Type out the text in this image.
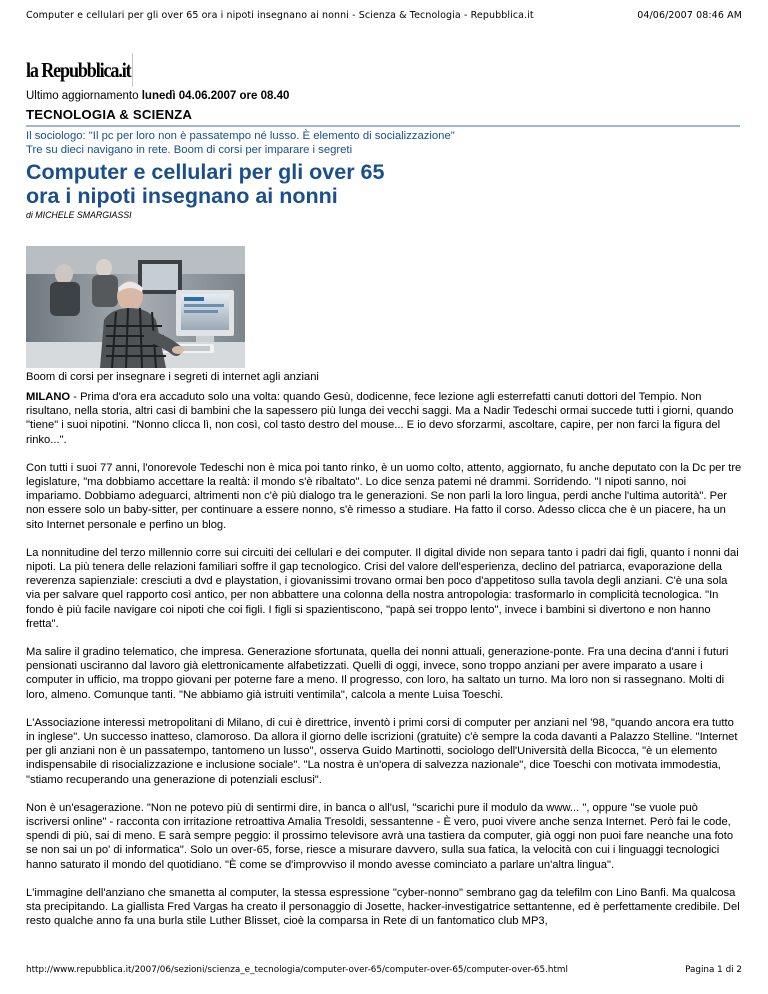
Computer e cellulari per gli over 65 ora i nipoti insegnano ai nonni - Scienza & Tecnologia - Repubblica.it	04/06/2007 08:46 AM
la Repubblica.it
Ultimo aggiornamento lunedì 04.06.2007 ore 08.40
TECNOLOGIA & SCIENZA
Il sociologo: "Il pc per loro non è passatempo né lusso. È elemento di socializzazione"
Tre su dieci navigano in rete. Boom di corsi per imparare i segreti
Computer e cellulari per gli over 65
ora i nipoti insegnano ai nonni
di MICHELE SMARGIASSI
Boom di corsi per insegnare i segreti di internet agli anziani

MILANO - Prima d'ora era accaduto solo una volta: quando Gesù, dodicenne, fece lezione agli esterrefatti canuti dottori del Tempio. Non risultano, nella storia, altri casi di bambini che la sapessero più lunga dei vecchi saggi. Ma a Nadir Tedeschi ormai succede tutti i giorni, quando "tiene" i suoi nipotini. "Nonno clicca lì, non così, col tasto destro del mouse... E io devo sforzarmi, ascoltare, capire, per non farci la figura del rinko...".

Con tutti i suoi 77 anni, l'onorevole Tedeschi non è mica poi tanto rinko, è un uomo colto, attento, aggiornato, fu anche deputato con la Dc per tre legislature, "ma dobbiamo accettare la realtà: il mondo s'è ribaltato". Lo dice senza patemi né drammi. Sorridendo. "I nipoti sanno, noi impariamo. Dobbiamo adeguarci, altrimenti non c'è più dialogo tra le generazioni. Se non parli la loro lingua, perdi anche l'ultima autorità". Per non essere solo un baby-sitter, per continuare a essere nonno, s'è rimesso a studiare. Ha fatto il corso. Adesso clicca che è un piacere, ha un sito Internet personale e perfino un blog.

La nonnitudine del terzo millennio corre sui circuiti dei cellulari e dei computer. Il digital divide non separa tanto i padri dai figli, quanto i nonni dai nipoti. La più tenera delle relazioni familiari soffre il gap tecnologico. Crisi del valore dell'esperienza, declino del patriarca, evaporazione della reverenza sapienziale: cresciuti a dvd e playstation, i giovanissimi trovano ormai ben poco d'appetitoso sulla tavola degli anziani. C'è una sola via per salvare quel rapporto così antico, per non abbattere una colonna della nostra antropologia: trasformarlo in complicità tecnologica. "In fondo è più facile navigare coi nipoti che coi figli. I figli si spazientiscono, "papà sei troppo lento", invece i bambini si divertono e non hanno fretta".

Ma salire il gradino telematico, che impresa. Generazione sfortunata, quella dei nonni attuali, generazione-ponte. Fra una decina d'anni i futuri pensionati usciranno dal lavoro già elettronicamente alfabetizzati. Quelli di oggi, invece, sono troppo anziani per avere imparato a usare i computer in ufficio, ma troppo giovani per poterne fare a meno. Il progresso, con loro, ha saltato un turno. Ma loro non si rassegnano. Molti di loro, almeno. Comunque tanti. "Ne abbiamo già istruiti ventimila", calcola a mente Luisa Toeschi.

L'Associazione interessi metropolitani di Milano, di cui è direttrice, inventò i primi corsi di computer per anziani nel '98, "quando ancora era tutto in inglese". Un successo inatteso, clamoroso. Da allora il giorno delle iscrizioni (gratuite) c'è sempre la coda davanti a Palazzo Stelline. "Internet per gli anziani non è un passatempo, tantomeno un lusso", osserva Guido Martinotti, sociologo dell'Università della Bicocca, "è un elemento indispensabile di risocializzazione e inclusione sociale". "La nostra è un'opera di salvezza nazionale", dice Toeschi con motivata immodestia, "stiamo recuperando una generazione di potenziali esclusi".

Non è un'esagerazione. "Non ne potevo più di sentirmi dire, in banca o all'usl, "scarichi pure il modulo da www... ", oppure "se vuole può iscriversi online" - racconta con irritazione retroattiva Amalia Tresoldi, sessantenne - È vero, puoi vivere anche senza Internet. Però fai le code, spendi di più, sai di meno. E sarà sempre peggio: il prossimo televisore avrà una tastiera da computer, già oggi non puoi fare neanche una foto se non sai un po' di informatica". Solo un over-65, forse, riesce a misurare davvero, sulla sua fatica, la velocità con cui i linguaggi tecnologici hanno saturato il mondo del quotidiano. "È come se d'improvviso il mondo avesse cominciato a parlare un'altra lingua".

L'immagine dell'anziano che smanetta al computer, la stessa espressione "cyber-nonno" sembrano gag da telefilm con Lino Banfi. Ma qualcosa sta precipitando. La giallista Fred Vargas ha creato il personaggio di Josette, hacker-investigatrice settantenne, ed è perfettamente credibile. Del resto qualche anno fa una burla stile Luther Blisset, cioè la comparsa in Rete di un fantomatico club MP3,

http://www.repubblica.it/2007/06/sezioni/scienza_e_tecnologia/computer-over-65/computer-over-65/computer-over-65.html	Pagina 1 di 2
